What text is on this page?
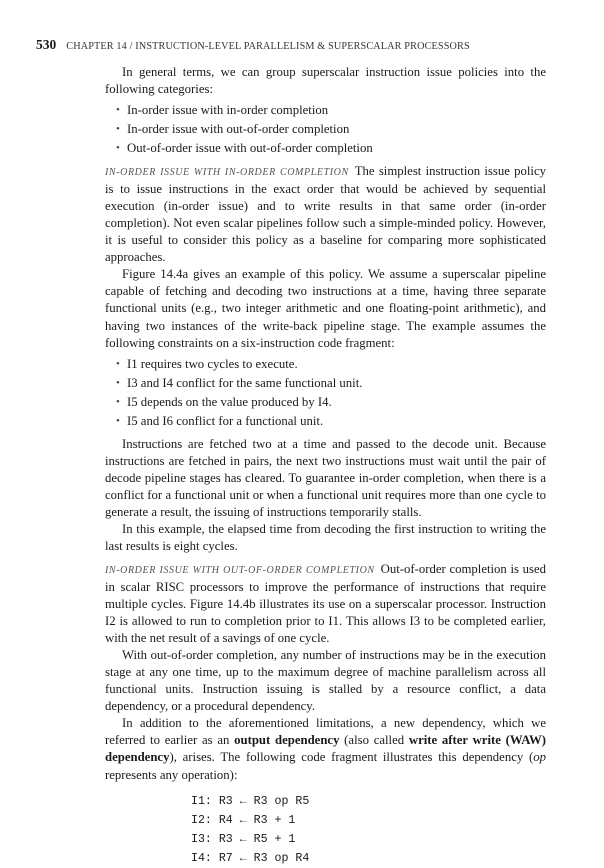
530 CHAPTER 14 / INSTRUCTION-LEVEL PARALLELISM & SUPERSCALAR PROCESSORS

In general terms, we can group superscalar instruction issue policies into the following categories:

• In-order issue with in-order completion
• In-order issue with out-of-order completion
• Out-of-order issue with out-of-order completion

IN-ORDER ISSUE WITH IN-ORDER COMPLETION The simplest instruction issue policy is to issue instructions in the exact order that would be achieved by sequential execution (in-order issue) and to write results in that same order (in-order completion). Not even scalar pipelines follow such a simple-minded policy. However, it is useful to consider this policy as a baseline for comparing more sophisticated approaches.

Figure 14.4a gives an example of this policy. We assume a superscalar pipeline capable of fetching and decoding two instructions at a time, having three separate functional units (e.g., two integer arithmetic and one floating-point arithmetic), and having two instances of the write-back pipeline stage. The example assumes the following constraints on a six-instruction code fragment:

• I1 requires two cycles to execute.
• I3 and I4 conflict for the same functional unit.
• I5 depends on the value produced by I4.
• I5 and I6 conflict for a functional unit.

Instructions are fetched two at a time and passed to the decode unit. Because instructions are fetched in pairs, the next two instructions must wait until the pair of decode pipeline stages has cleared. To guarantee in-order completion, when there is a conflict for a functional unit or when a functional unit requires more than one cycle to generate a result, the issuing of instructions temporarily stalls.

In this example, the elapsed time from decoding the first instruction to writing the last results is eight cycles.

IN-ORDER ISSUE WITH OUT-OF-ORDER COMPLETION Out-of-order completion is used in scalar RISC processors to improve the performance of instructions that require multiple cycles. Figure 14.4b illustrates its use on a superscalar processor. Instruction I2 is allowed to run to completion prior to I1. This allows I3 to be completed earlier, with the net result of a savings of one cycle.

With out-of-order completion, any number of instructions may be in the execution stage at any one time, up to the maximum degree of machine parallelism across all functional units. Instruction issuing is stalled by a resource conflict, a data dependency, or a procedural dependency.

In addition to the aforementioned limitations, a new dependency, which we referred to earlier as an output dependency (also called write after write (WAW) dependency), arises. The following code fragment illustrates this dependency (op represents any operation):

I1: R3 ← R3 op R5
I2: R4 ← R3 + 1
I3: R3 ← R5 + 1
I4: R7 ← R3 op R4
